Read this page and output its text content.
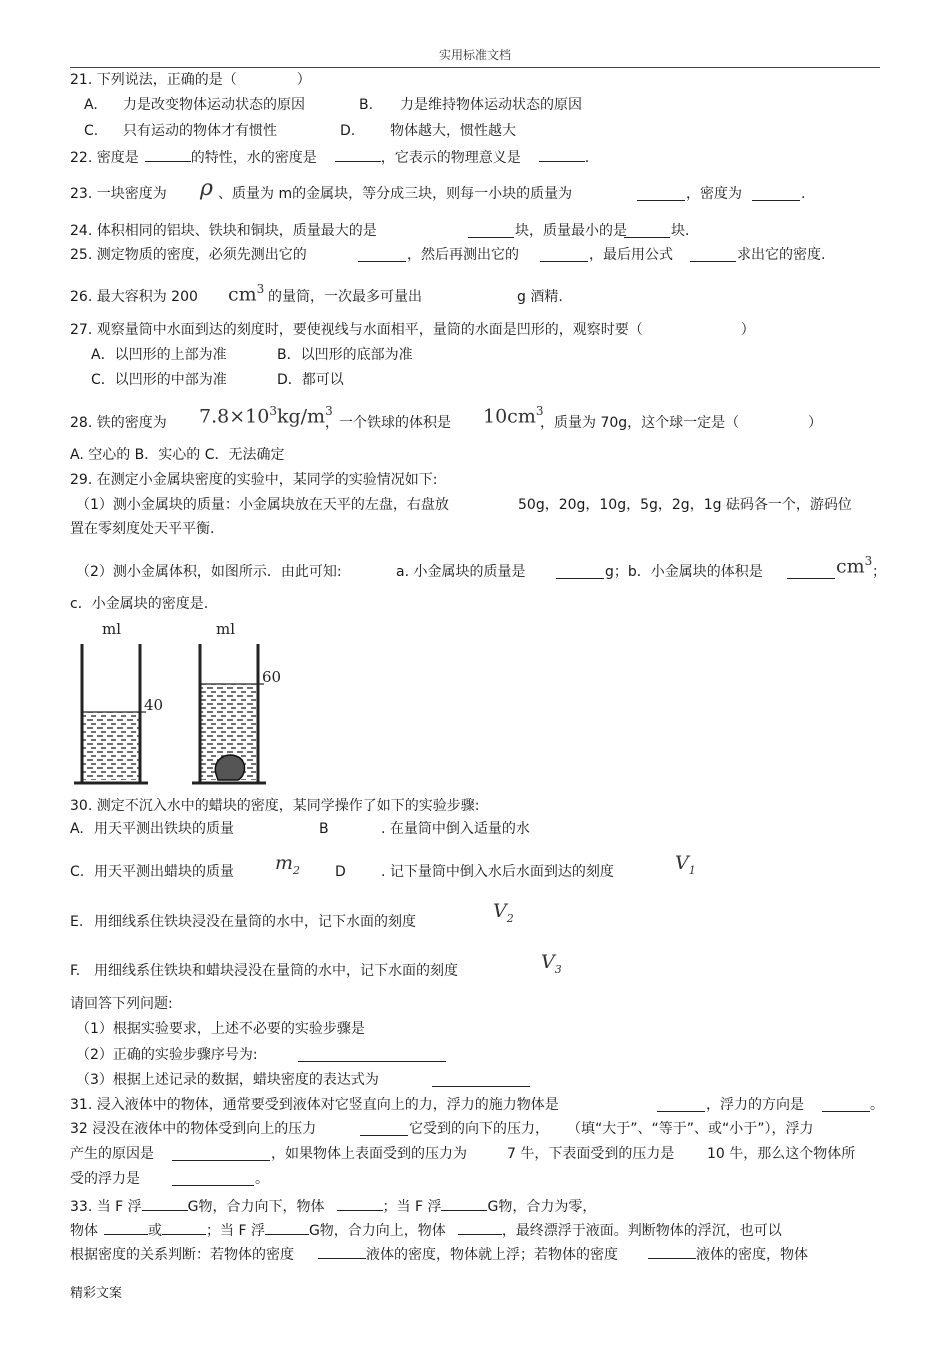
实用标准文档
21. 下列说法，正确的是（	）
A. 力是改变物体运动状态的原因	B. 力是维持物体运动状态的原因
C. 只有运动的物体才有惯性	D. 物体越大，惯性越大
22. 密度是	的特性，水的密度是	，它表示的物理意义是	.
23. 一块密度为 ρ 、质量为 m的金属块，等分成三块，则每一小块的质量为	，密度为	.
24. 体积相同的铝块、铁块和铜块，质量最大的是	块，质量最小的是	块.
25. 测定物质的密度，必须先测出它的	，然后再测出它的	，最后用公式	求出它的密度.
26. 最大容积为 200 $cm^3$ 的量筒，一次最多可量出	g 酒精.
27. 观察量筒中水面到达的刻度时，要使视线与水面相平，量筒的水面是凹形的，观察时要（	）
A．以凹形的上部为准	B．以凹形的底部为准
C．以凹形的中部为准	D．都可以
28. 铁的密度为 $7.8\times 10^3kg/m^3$
，一个铁球的体积是 $10cm^3$
，质量为 70g，这个球一定是（	）
A. 空心的 B．实心的 C．无法确定
29. 在测定小金属块密度的实验中，某同学的实验情况如下:
（1）测小金属块的质量：小金属块放在天平的左盘，右盘放	50g，20g，10g，5g，2g，1g 砝码各一个，游码位
置在零刻度处天平平衡.
（2）测小金属体积，如图所示．由此可知:	a. 小金属块的质量是	g；b．小金属块的体积是	$cm^3$
；
c．小金属块的密度是.
ml	ml
40
60
30. 测定不沉入水中的蜡块的密度，某同学操作了如下的实验步骤:
A. 用天平测出铁块的质量	B	. 在量筒中倒入适量的水
C. 用天平测出蜡块的质量 $m_2$ D	. 记下量筒中倒入水后水面到达的刻度	$V_1$
E. 用细线系住铁块浸没在量筒的水中，记下水面的刻度	$V_2$
F. 用细线系住铁块和蜡块浸没在量筒的水中，记下水面的刻度	$V_3$
请回答下列问题:
（1）根据实验要求，上述不必要的实验步骤是
（2）正确的实验步骤序号为:
（3）根据上述记录的数据，蜡块密度的表达式为
31. 浸入液体中的物体，通常要受到液体对它竖直向上的力，浮力的施力物体是	，浮力的方向是	。
32 浸没在液体中的物体受到向上的压力	它受到的向下的压力， （填“大于”、“等于”、或“小于”），浮力
产生的原因是	，如果物体上表面受到的压力为	7 牛，下表面受到的压力是 10 牛，那么这个物体所
受的浮力是	。
33. 当 F 浮	G物，合力向下，物体	；当 F 浮	G物，合力为零，
物体	或	；当 F 浮	G物，合力向上，物体	，最终漂浮于液面。判断物体的浮沉，也可以
根据密度的关系判断：若物体的密度	液体的密度，物体就上浮；若物体的密度	液体的密度，物体
精彩文案
